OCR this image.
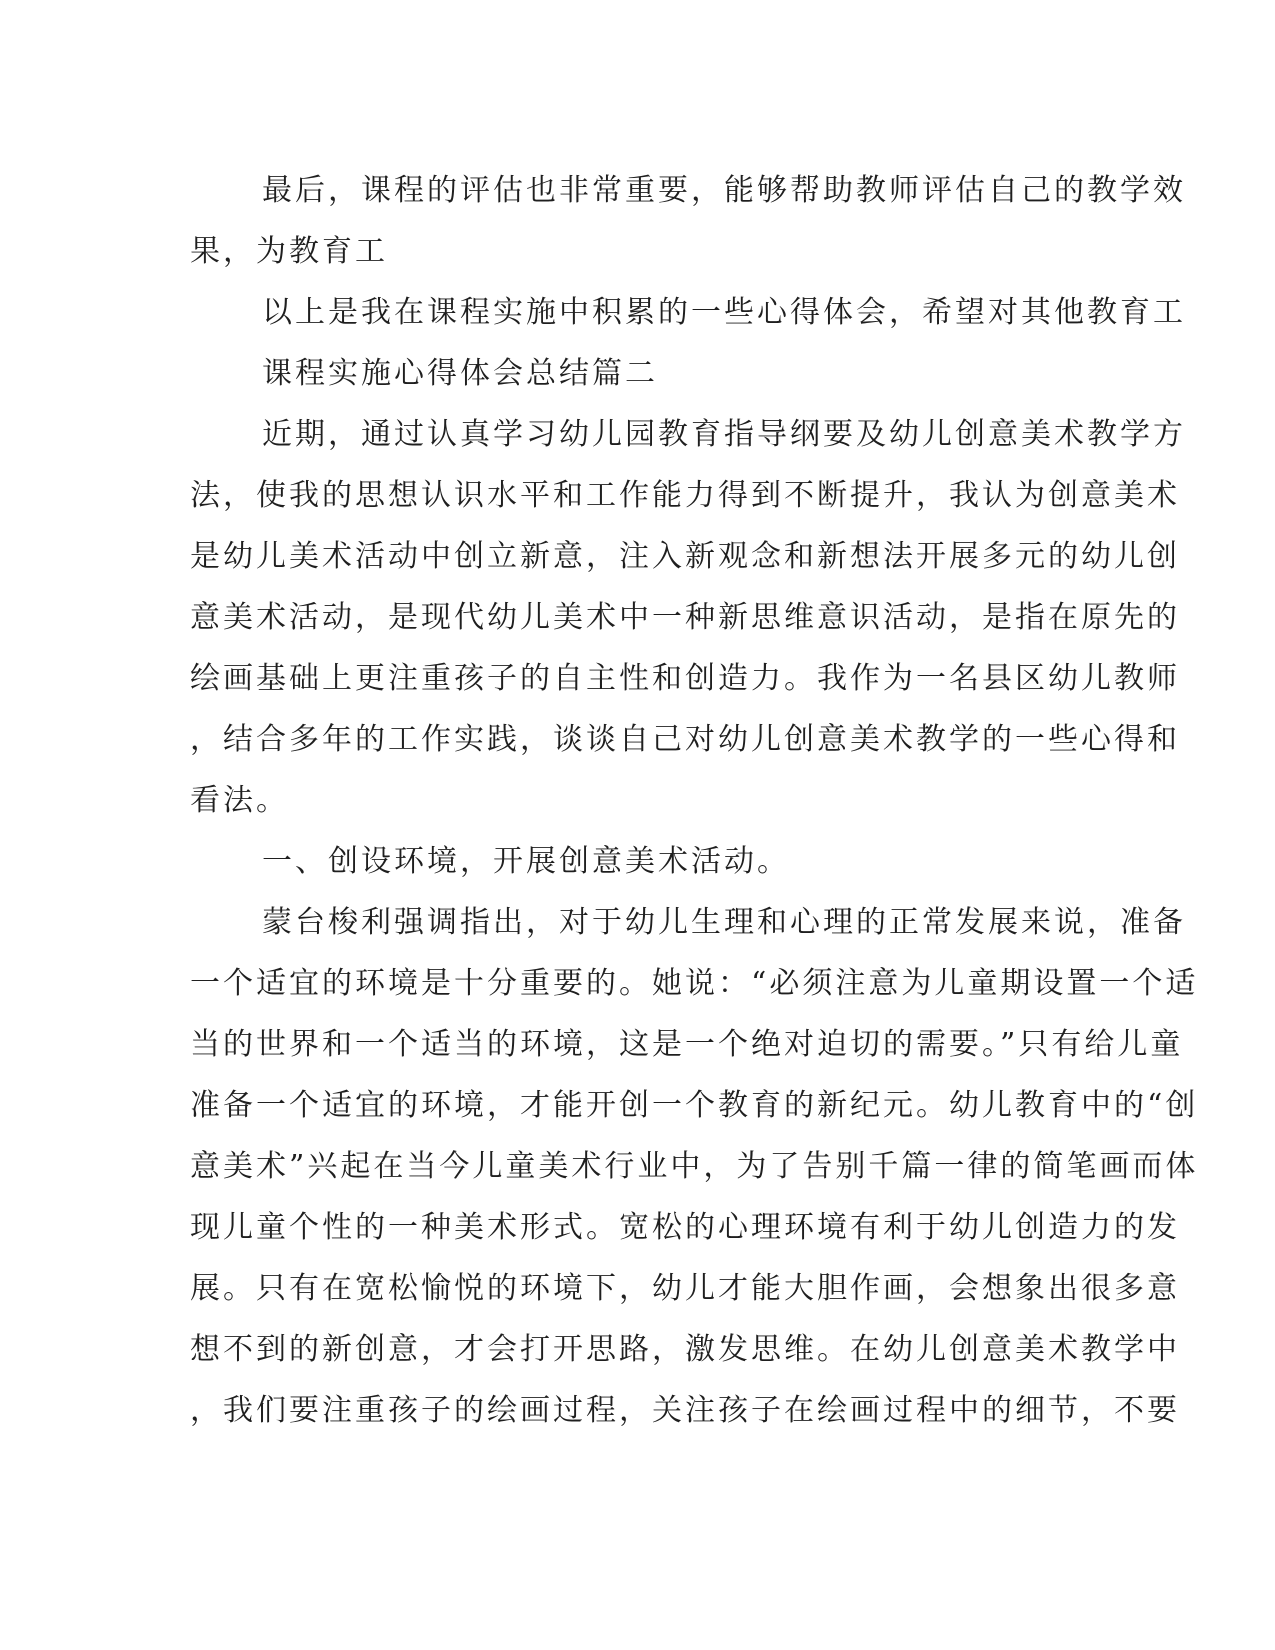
最后，课程的评估也非常重要，能够帮助教师评估自己的教学效
果，为教育工
以上是我在课程实施中积累的一些心得体会，希望对其他教育工
课程实施心得体会总结篇二
近期，通过认真学习幼儿园教育指导纲要及幼儿创意美术教学方
法，使我的思想认识水平和工作能力得到不断提升，我认为创意美术
是幼儿美术活动中创立新意，注入新观念和新想法开展多元的幼儿创
意美术活动，是现代幼儿美术中一种新思维意识活动，是指在原先的
绘画基础上更注重孩子的自主性和创造力。我作为一名县区幼儿教师
，结合多年的工作实践，谈谈自己对幼儿创意美术教学的一些心得和
看法。
一、创设环境，开展创意美术活动。
蒙台梭利强调指出，对于幼儿生理和心理的正常发展来说，准备
一个适宜的环境是十分重要的。她说：“必须注意为儿童期设置一个适
当的世界和一个适当的环境，这是一个绝对迫切的需要。”只有给儿童
准备一个适宜的环境，才能开创一个教育的新纪元。幼儿教育中的“创
意美术”兴起在当今儿童美术行业中，为了告别千篇一律的简笔画而体
现儿童个性的一种美术形式。宽松的心理环境有利于幼儿创造力的发
展。只有在宽松愉悦的环境下，幼儿才能大胆作画，会想象出很多意
想不到的新创意，才会打开思路，激发思维。在幼儿创意美术教学中
，我们要注重孩子的绘画过程，关注孩子在绘画过程中的细节，不要
